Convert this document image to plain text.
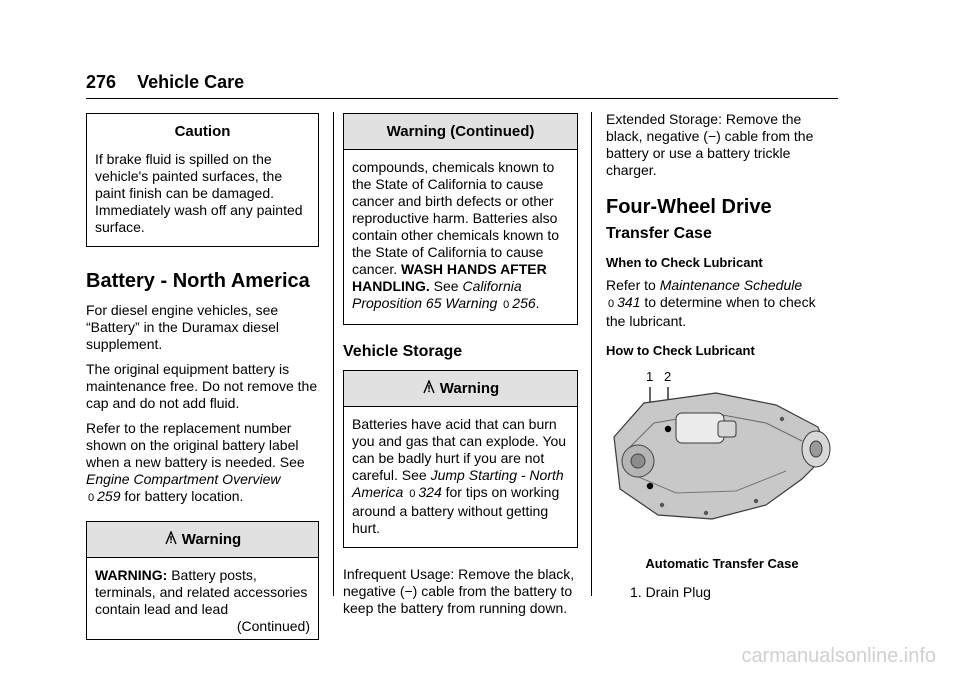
276 Vehicle Care
Caution

If brake fluid is spilled on the vehicle's painted surfaces, the paint finish can be damaged. Immediately wash off any painted surface.

Battery - North America

For diesel engine vehicles, see “Battery” in the Duramax diesel supplement.

The original equipment battery is maintenance free. Do not remove the cap and do not add fluid.

Refer to the replacement number shown on the original battery label when a new battery is needed. See Engine Compartment Overview
0 259 for battery location.

Warning

WARNING: Battery posts, terminals, and related accessories contain lead and lead

(Continued)

Warning (Continued)

compounds, chemicals known to the State of California to cause cancer and birth defects or other reproductive harm. Batteries also contain other chemicals known to the State of California to cause cancer. WASH HANDS AFTER HANDLING. See California Proposition 65 Warning 0 256.

Vehicle Storage
Warning

Batteries have acid that can burn you and gas that can explode. You can be badly hurt if you are not careful. See Jump Starting - North America 0 324 for tips on working around a battery without getting hurt.

Infrequent Usage: Remove the black, negative (−) cable from the battery to keep the battery from running down.

Extended Storage: Remove the black, negative (−) cable from the battery or use a battery trickle charger.

Four-Wheel Drive
Transfer Case
When to Check Lubricant

Refer to Maintenance Schedule
0 341 to determine when to check the lubricant.

How to Check Lubricant
1 2
Automatic Transfer Case

1. Drain Plug

carmanualsonline.info
